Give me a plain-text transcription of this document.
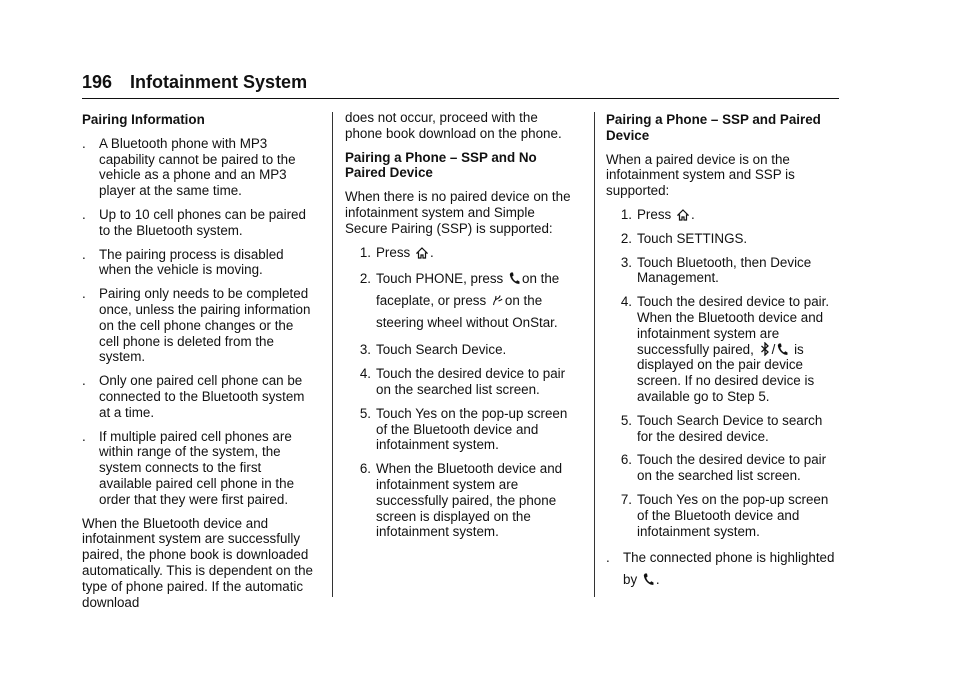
196 Infotainment System
Pairing Information
. A Bluetooth phone with MP3 capability cannot be paired to the vehicle as a phone and an MP3 player at the same time.
. Up to 10 cell phones can be paired to the Bluetooth system.
. The pairing process is disabled when the vehicle is moving.
. Pairing only needs to be completed once, unless the pairing information on the cell phone changes or the cell phone is deleted from the system.
. Only one paired cell phone can be connected to the Bluetooth system at a time.
. If multiple paired cell phones are within range of the system, the system connects to the first available paired cell phone in the order that they were first paired.

When the Bluetooth device and infotainment system are successfully paired, the phone book is downloaded automatically. This is dependent on the type of phone paired. If the automatic download

does not occur, proceed with the phone book download on the phone.

Pairing a Phone – SSP and No Paired Device

When there is no paired device on the infotainment system and Simple Secure Pairing (SSP) is supported:

1. Press .
2. Touch PHONE, press on the faceplate, or press on the steering wheel without OnStar.
3. Touch Search Device.
4. Touch the desired device to pair on the searched list screen.
5. Touch Yes on the pop-up screen of the Bluetooth device and infotainment system.
6. When the Bluetooth device and infotainment system are successfully paired, the phone screen is displayed on the infotainment system.
Pairing a Phone – SSP and Paired Device

When a paired device is on the infotainment system and SSP is supported:

1. Press .
2. Touch SETTINGS.
3. Touch Bluetooth, then Device Management.
4. Touch the desired device to pair. When the Bluetooth device and infotainment system are successfully paired, / is displayed on the pair device screen. If no desired device is available go to Step 5.
5. Touch Search Device to search for the desired device.
6. Touch the desired device to pair on the searched list screen.
7. Touch Yes on the pop-up screen of the Bluetooth device and infotainment system.
. The connected phone is highlighted by .
